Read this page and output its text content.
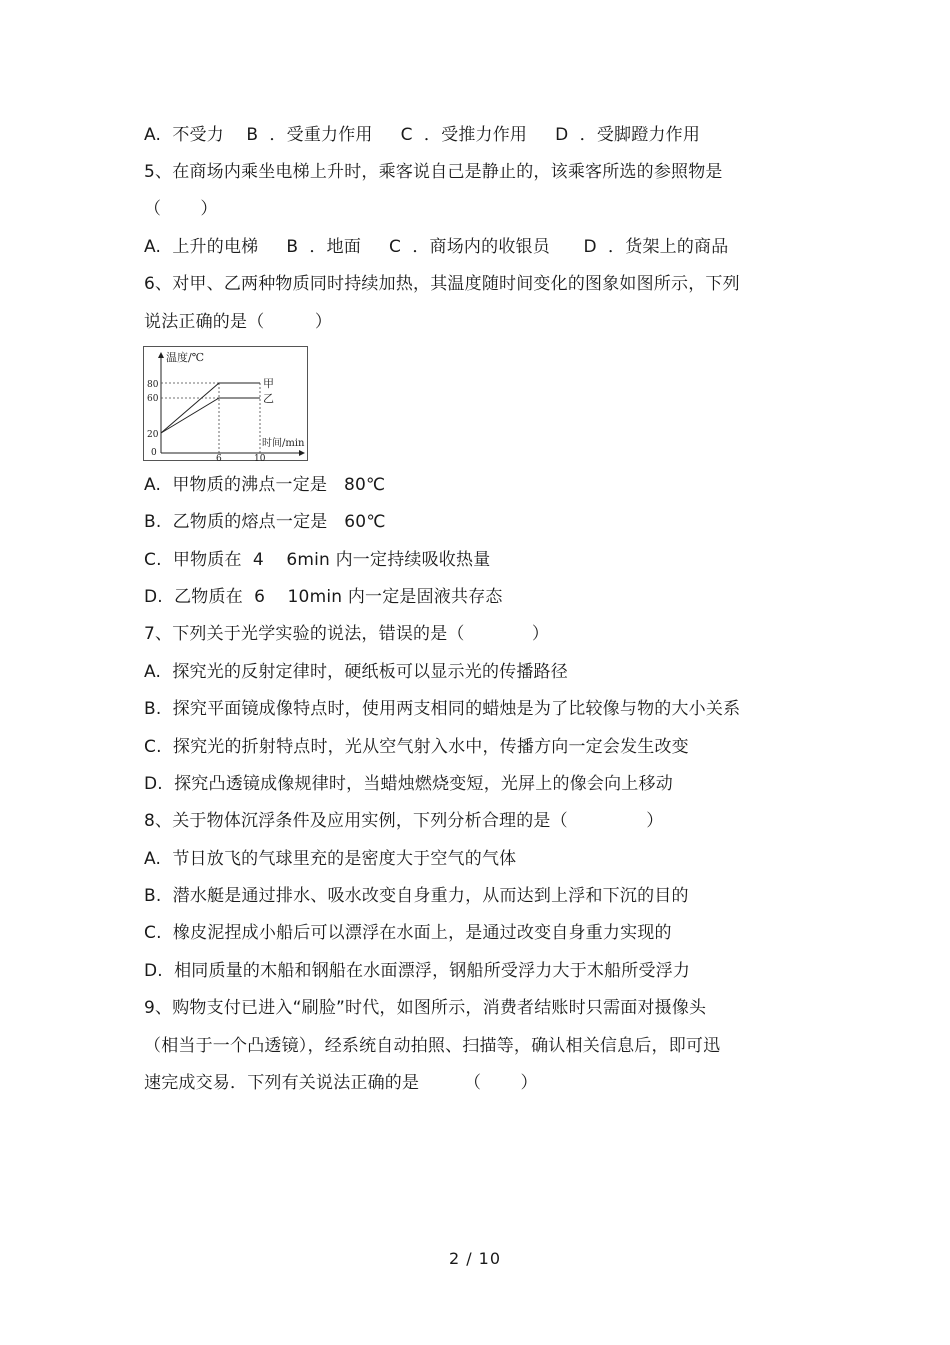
A.  不受力    B  ．受重力作用     C  ．受推力作用     D  ．受脚蹬力作用
5、在商场内乘坐电梯上升时，乘客说自己是静止的，该乘客所选的参照物是
（       ）
A.  上升的电梯     B  ．地面     C  ．商场内的收银员      D  ．货架上的商品
6、对甲、乙两种物质同时持续加热，其温度随时间变化的图象如图所示，下列
说法正确的是（         ）
A.  甲物质的沸点一定是   80℃
B.  乙物质的熔点一定是   60℃
C.  甲物质在  4    6min 内一定持续吸收热量
D.  乙物质在  6    10min 内一定是固液共存态
7、下列关于光学实验的说法，错误的是（            ）
A.  探究光的反射定律时，硬纸板可以显示光的传播路径
B.  探究平面镜成像特点时，使用两支相同的蜡烛是为了比较像与物的大小关系
C.  探究光的折射特点时，光从空气射入水中，传播方向一定会发生改变
D.  探究凸透镜成像规律时，当蜡烛燃烧变短，光屏上的像会向上移动
8、关于物体沉浮条件及应用实例，下列分析合理的是（              ）
A.  节日放飞的气球里充的是密度大于空气的气体
B.  潜水艇是通过排水、吸水改变自身重力，从而达到上浮和下沉的目的
C.  橡皮泥捏成小船后可以漂浮在水面上，是通过改变自身重力实现的
D.  相同质量的木船和钢船在水面漂浮，钢船所受浮力大于木船所受浮力
9、购物支付已进入“刷脸”时代，如图所示，消费者结账时只需面对摄像头
（相当于一个凸透镜），经系统自动拍照、扫描等，确认相关信息后，即可迅
速完成交易．下列有关说法正确的是        （       ）
温度/℃
时间/min
80
60
20
0
6	10
甲
乙
2 / 10
